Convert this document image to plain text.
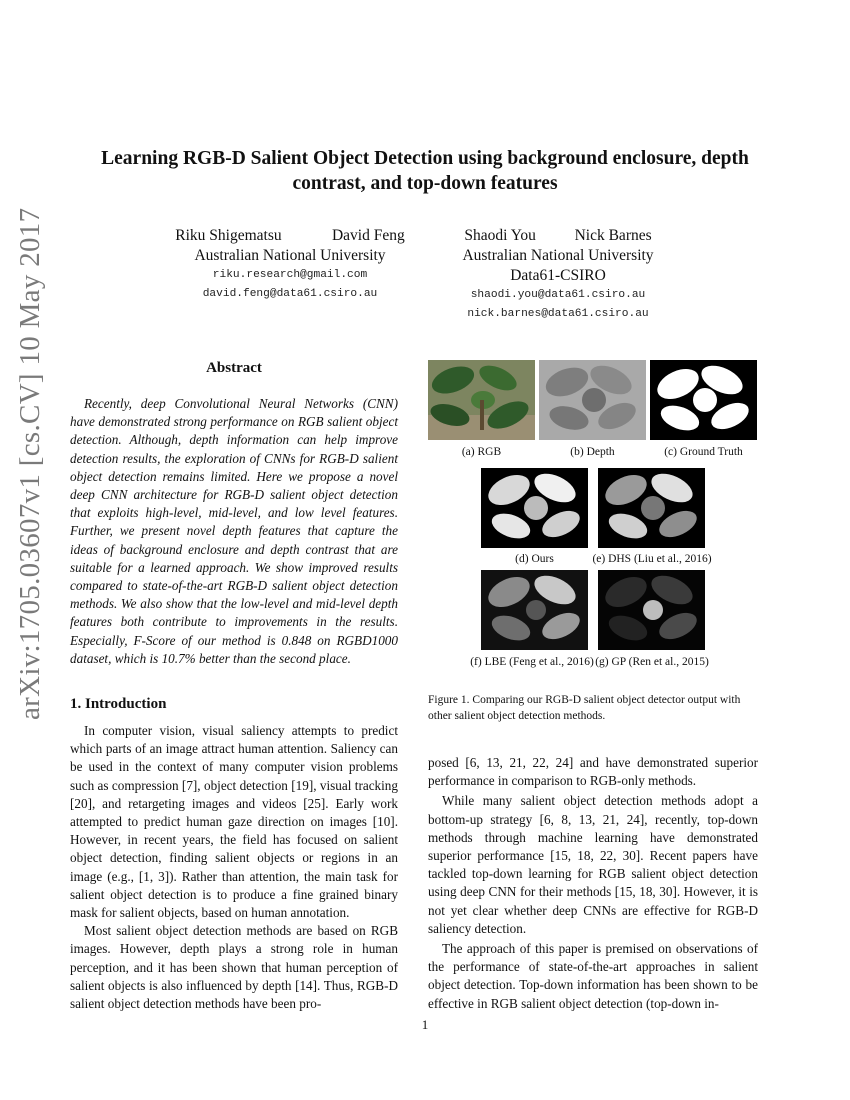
arXiv:1705.03607v1 [cs.CV] 10 May 2017
Learning RGB-D Salient Object Detection using background enclosure, depth
contrast, and top-down features
Riku Shigematsu             David Feng
Australian National University
riku.research@gmail.com
david.feng@data61.csiro.au
Shaodi You          Nick Barnes
Australian National University
Data61-CSIRO
shaodi.you@data61.csiro.au
nick.barnes@data61.csiro.au
Abstract

Recently, deep Convolutional Neural Networks (CNN) have demonstrated strong performance on RGB salient object detection. Although, depth information can help improve detection results, the exploration of CNNs for RGB-D salient object detection remains limited. Here we propose a novel deep CNN architecture for RGB-D salient object detection that exploits high-level, mid-level, and low level features. Further, we present novel depth features that capture the ideas of background enclosure and depth contrast that are suitable for a learned approach. We show improved results compared to state-of-the-art RGB-D salient object detection methods. We also show that the low-level and mid-level depth features both contribute to improvements in the results. Especially, F-Score of our method is 0.848 on RGBD1000 dataset, which is 10.7% better than the second place.

1. Introduction

In computer vision, visual saliency attempts to predict which parts of an image attract human attention. Saliency can be used in the context of many computer vision problems such as compression [7], object detection [19], visual tracking [20], and retargeting images and videos [25]. Early work attempted to predict human gaze direction on images [10]. However, in recent years, the field has focused on salient object detection, finding salient objects or regions in an image (e.g., [1, 3]). Rather than attention, the main task for salient object detection is to produce a fine grained binary mask for salient objects, based on human annotation.

Most salient object detection methods are based on RGB images. However, depth plays a strong role in human perception, and it has been shown that human perception of salient objects is also influenced by depth [14]. Thus, RGB-D salient object detection methods have been pro-

(a) RGB	(b) Depth	(c) Ground Truth
(d) Ours	(e) DHS (Liu et al., 2016)
(f) LBE (Feng et al., 2016) (g) GP (Ren et al., 2015)
Figure 1. Comparing our RGB-D salient object detector output with other salient object detection methods.

posed [6, 13, 21, 22, 24] and have demonstrated superior performance in comparison to RGB-only methods.

While many salient object detection methods adopt a bottom-up strategy [6, 8, 13, 21, 24], recently, top-down methods through machine learning have demonstrated superior performance [15, 18, 22, 30]. Recent papers have tackled top-down learning for RGB salient object detection using deep CNN for their methods [15, 18, 30]. However, it is not yet clear whether deep CNNs are effective for RGB-D saliency detection.

The approach of this paper is premised on observations of the performance of state-of-the-art approaches in salient object detection. Top-down information has been shown to be effective in RGB salient object detection (top-down in-

1
